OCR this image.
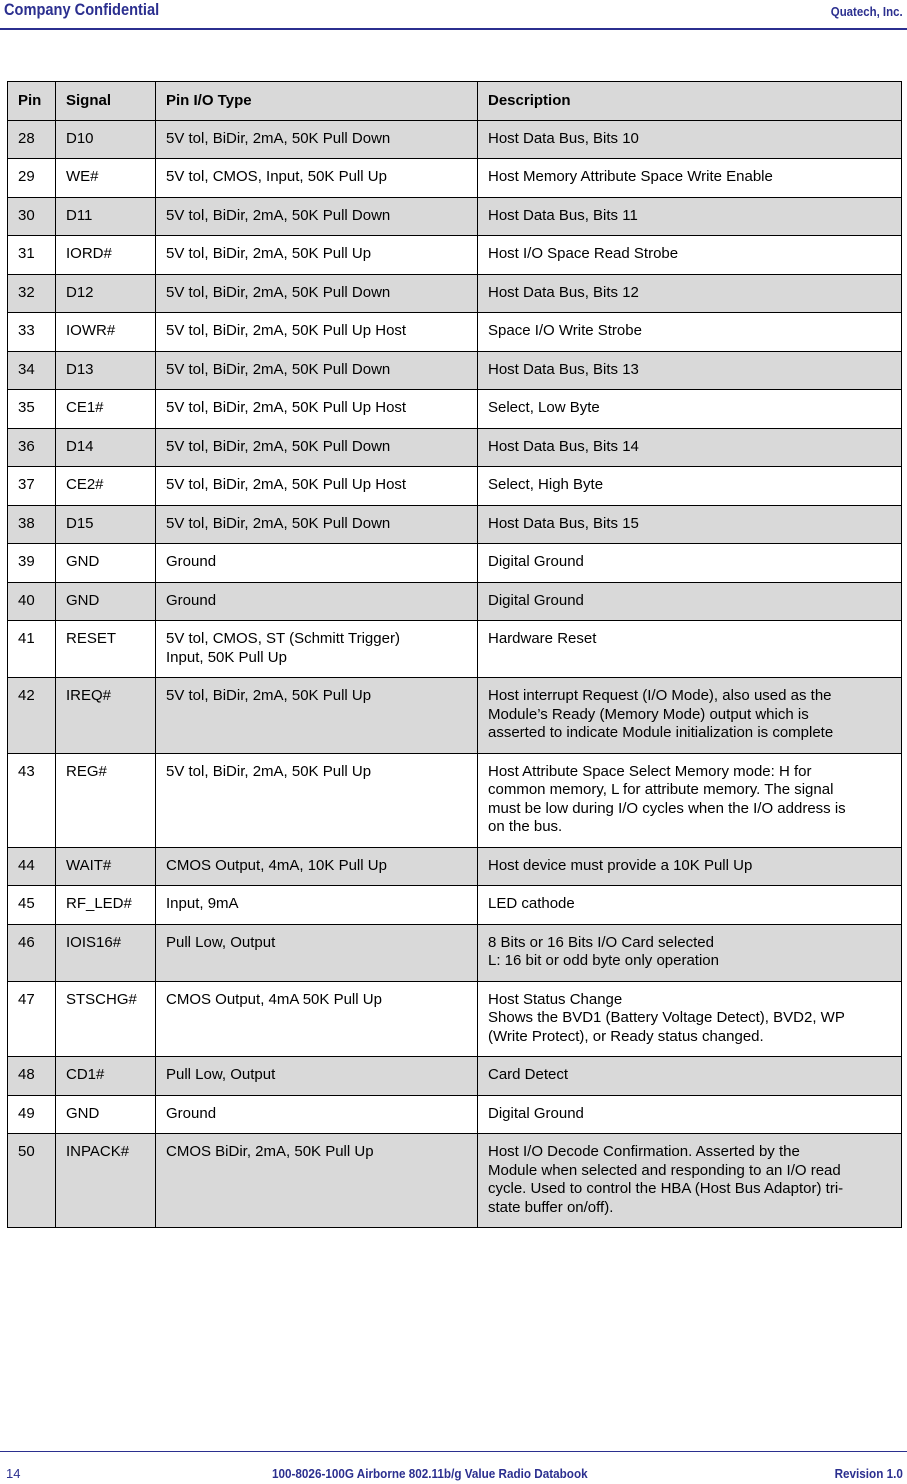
Company Confidential	Quatech, Inc.
Pin	Signal	Pin I/O Type	Description
28	D10	5V tol, BiDir, 2mA, 50K Pull Down	Host Data Bus, Bits 10
29	WE#	5V tol, CMOS, Input, 50K Pull Up	Host Memory Attribute Space Write Enable
30	D11	5V tol, BiDir, 2mA, 50K Pull Down	Host Data Bus, Bits 11
31	IORD#	5V tol, BiDir, 2mA, 50K Pull Up	Host I/O Space Read Strobe
32	D12	5V tol, BiDir, 2mA, 50K Pull Down	Host Data Bus, Bits 12
33	IOWR#	5V tol, BiDir, 2mA, 50K Pull Up Host	Space I/O Write Strobe
34	D13	5V tol, BiDir, 2mA, 50K Pull Down	Host Data Bus, Bits 13
35	CE1#	5V tol, BiDir, 2mA, 50K Pull Up Host	Select, Low Byte
36	D14	5V tol, BiDir, 2mA, 50K Pull Down	Host Data Bus, Bits 14
37	CE2#	5V tol, BiDir, 2mA, 50K Pull Up Host	Select, High Byte
38	D15	5V tol, BiDir, 2mA, 50K Pull Down	Host Data Bus, Bits 15
39	GND	Ground	Digital Ground
40	GND	Ground	Digital Ground
41	RESET	5V tol, CMOS, ST (Schmitt Trigger)
Input, 50K Pull Up	Hardware Reset
42	IREQ#	5V tol, BiDir, 2mA, 50K Pull Up	Host interrupt Request (I/O Mode), also used as the
Module’s Ready (Memory Mode) output which is
asserted to indicate Module initialization is complete
43	REG#	5V tol, BiDir, 2mA, 50K Pull Up	Host Attribute Space Select Memory mode: H for
common memory, L for attribute memory. The signal
must be low during I/O cycles when the I/O address is
on the bus.
44	WAIT#	CMOS Output, 4mA, 10K Pull Up	Host device must provide a 10K Pull Up
45	RF_LED#	Input, 9mA	LED cathode
46	IOIS16#	Pull Low, Output	8 Bits or 16 Bits I/O Card selected
L: 16 bit or odd byte only operation
47	STSCHG#	CMOS Output, 4mA 50K Pull Up	Host Status Change
Shows the BVD1 (Battery Voltage Detect), BVD2, WP
(Write Protect), or Ready status changed.
48	CD1#	Pull Low, Output	Card Detect
49	GND	Ground	Digital Ground
50	INPACK#	CMOS BiDir, 2mA, 50K Pull Up	Host I/O Decode Confirmation. Asserted by the
Module when selected and responding to an I/O read
cycle. Used to control the HBA (Host Bus Adaptor) tri-
state buffer on/off).
14	100-8026-100G Airborne 802.11b/g Value Radio Databook	Revision 1.0
